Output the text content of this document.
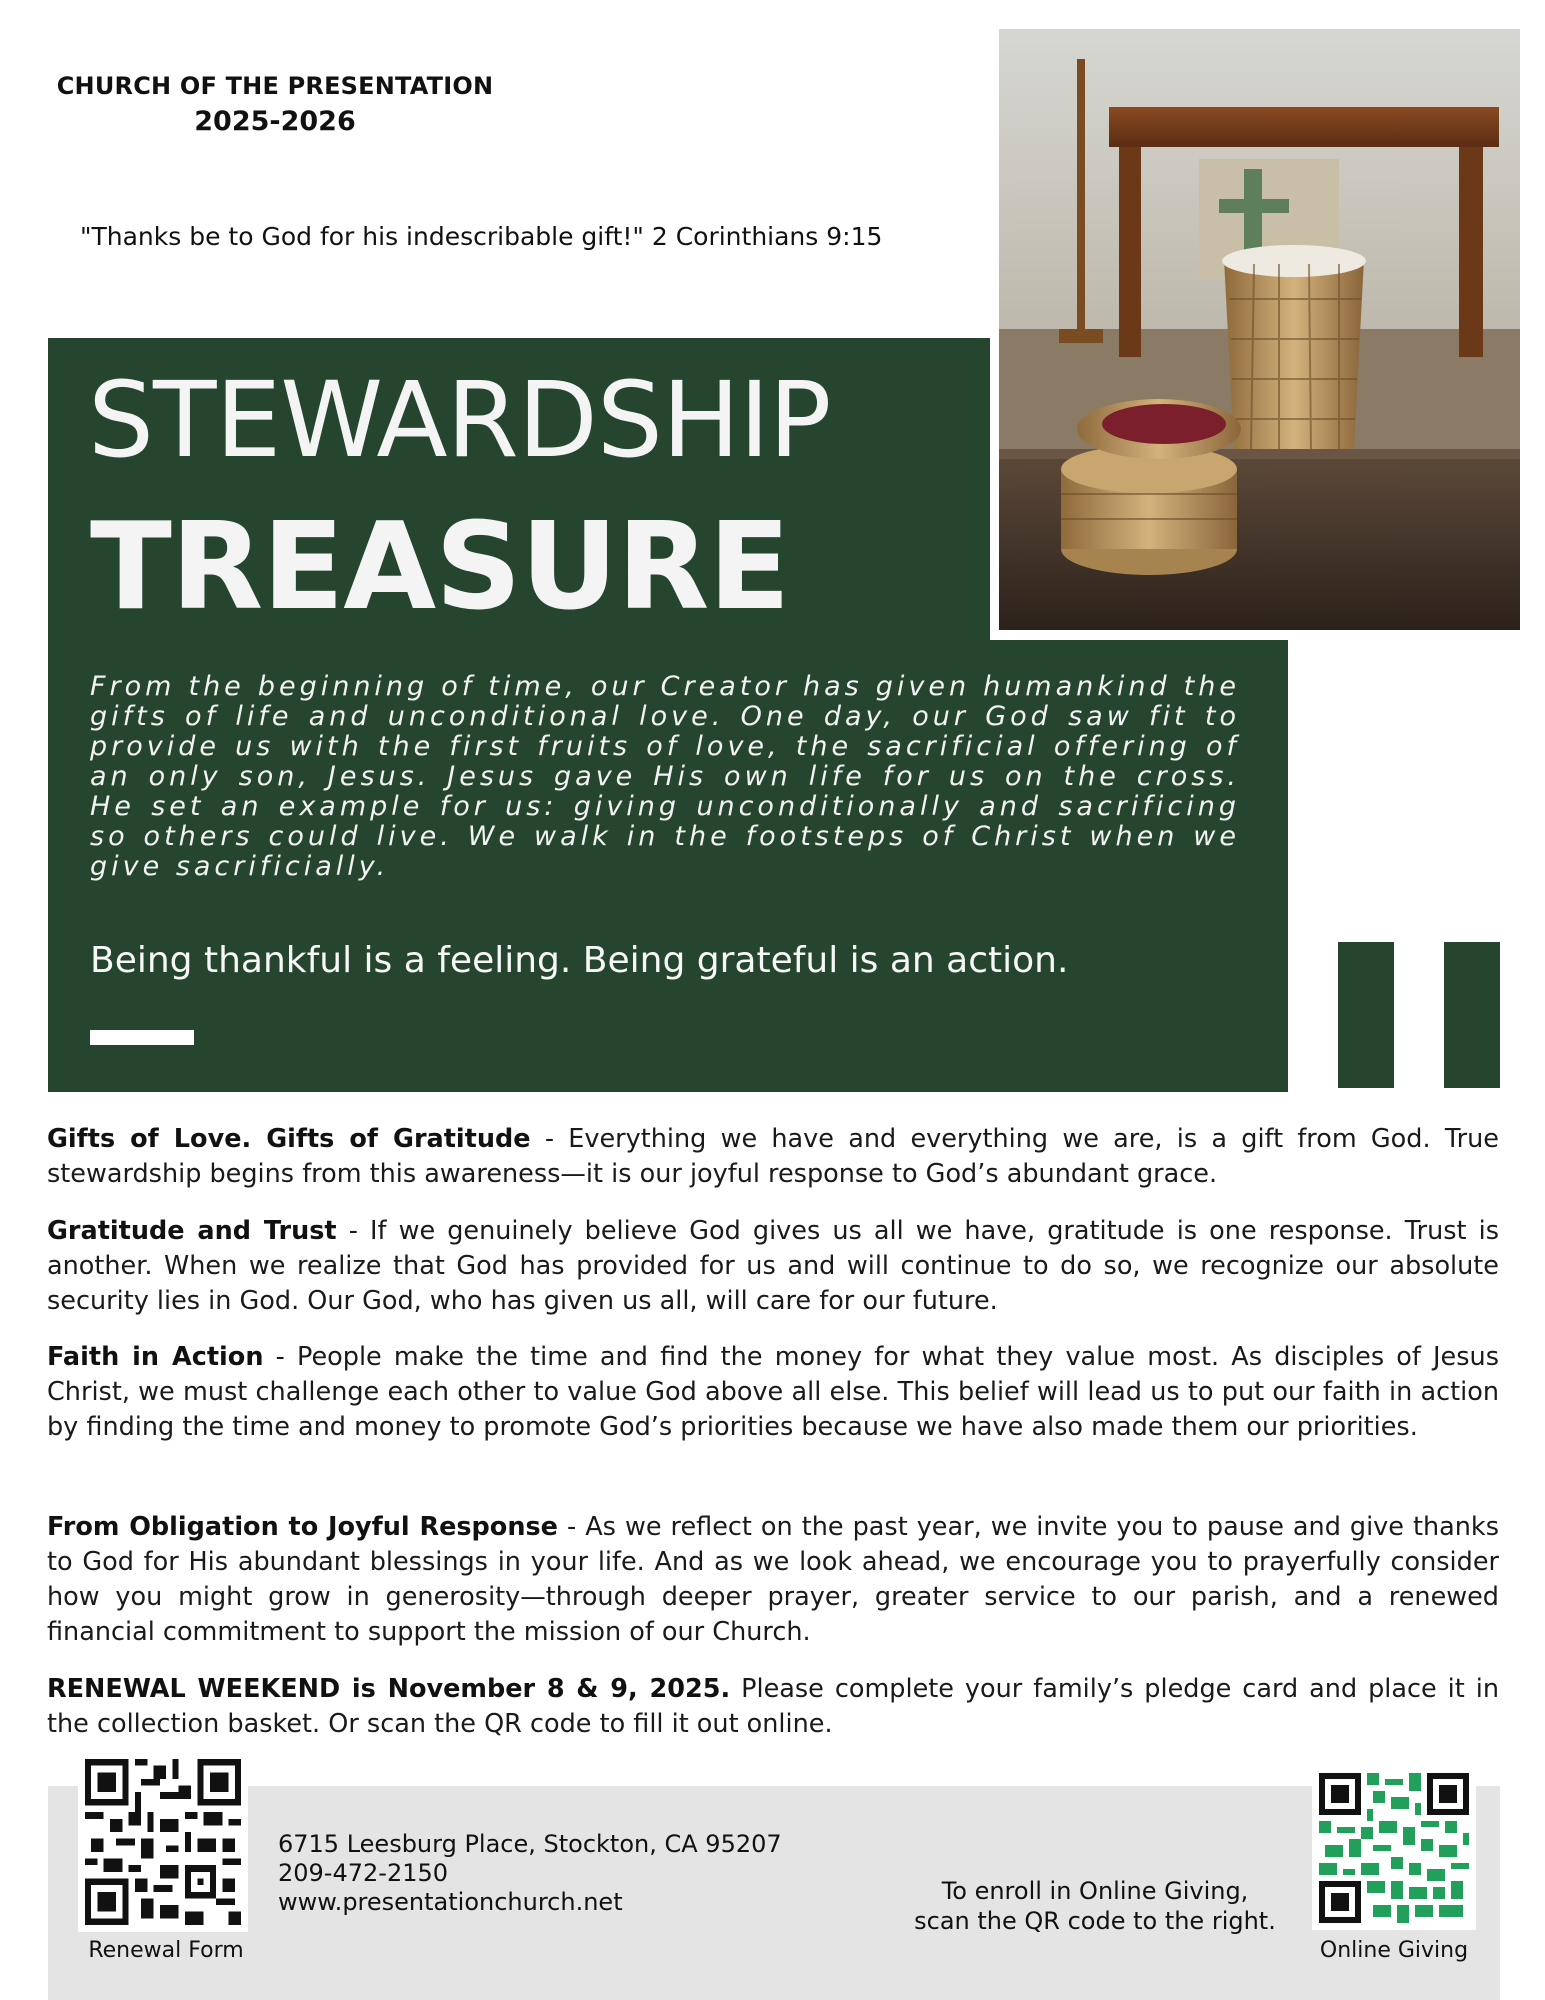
CHURCH OF THE PRESENTATION
2025-2026
"Thanks be to God for his indescribable gift!" 2 Corinthians 9:15
STEWARDSHIP
TREASURE
From the beginning of time, our Creator has given humankind the gifts of life and unconditional love. One day, our God saw fit to provide us with the first fruits of love, the sacrificial offering of an only son, Jesus. Jesus gave His own life for us on the cross. He set an example for us: giving unconditionally and sacrificing so others could live. We walk in the footsteps of Christ when we give sacrificially.
Being thankful is a feeling. Being grateful is an action.
Gifts of Love. Gifts of Gratitude - Everything we have and everything we are, is a gift from God. True stewardship begins from this awareness—it is our joyful response to God’s abundant grace.
Gratitude and Trust - If we genuinely believe God gives us all we have, gratitude is one response. Trust is another. When we realize that God has provided for us and will continue to do so, we recognize our absolute security lies in God. Our God, who has given us all, will care for our future.
Faith in Action - People make the time and find the money for what they value most. As disciples of Jesus Christ, we must challenge each other to value God above all else. This belief will lead us to put our faith in action by finding the time and money to promote God’s priorities because we have also made them our priorities.
From Obligation to Joyful Response - As we reflect on the past year, we invite you to pause and give thanks to God for His abundant blessings in your life. And as we look ahead, we encourage you to prayerfully consider how you might grow in generosity—through deeper prayer, greater service to our parish, and a renewed financial commitment to support the mission of our Church.
RENEWAL WEEKEND is November 8 & 9, 2025. Please complete your family’s pledge card and place it in the collection basket. Or scan the QR code to fill it out online.
Renewal Form
6715 Leesburg Place, Stockton, CA 95207
209-472-2150
www.presentationchurch.net	To enroll in Online Giving,
scan the QR code to the right.
Online Giving
